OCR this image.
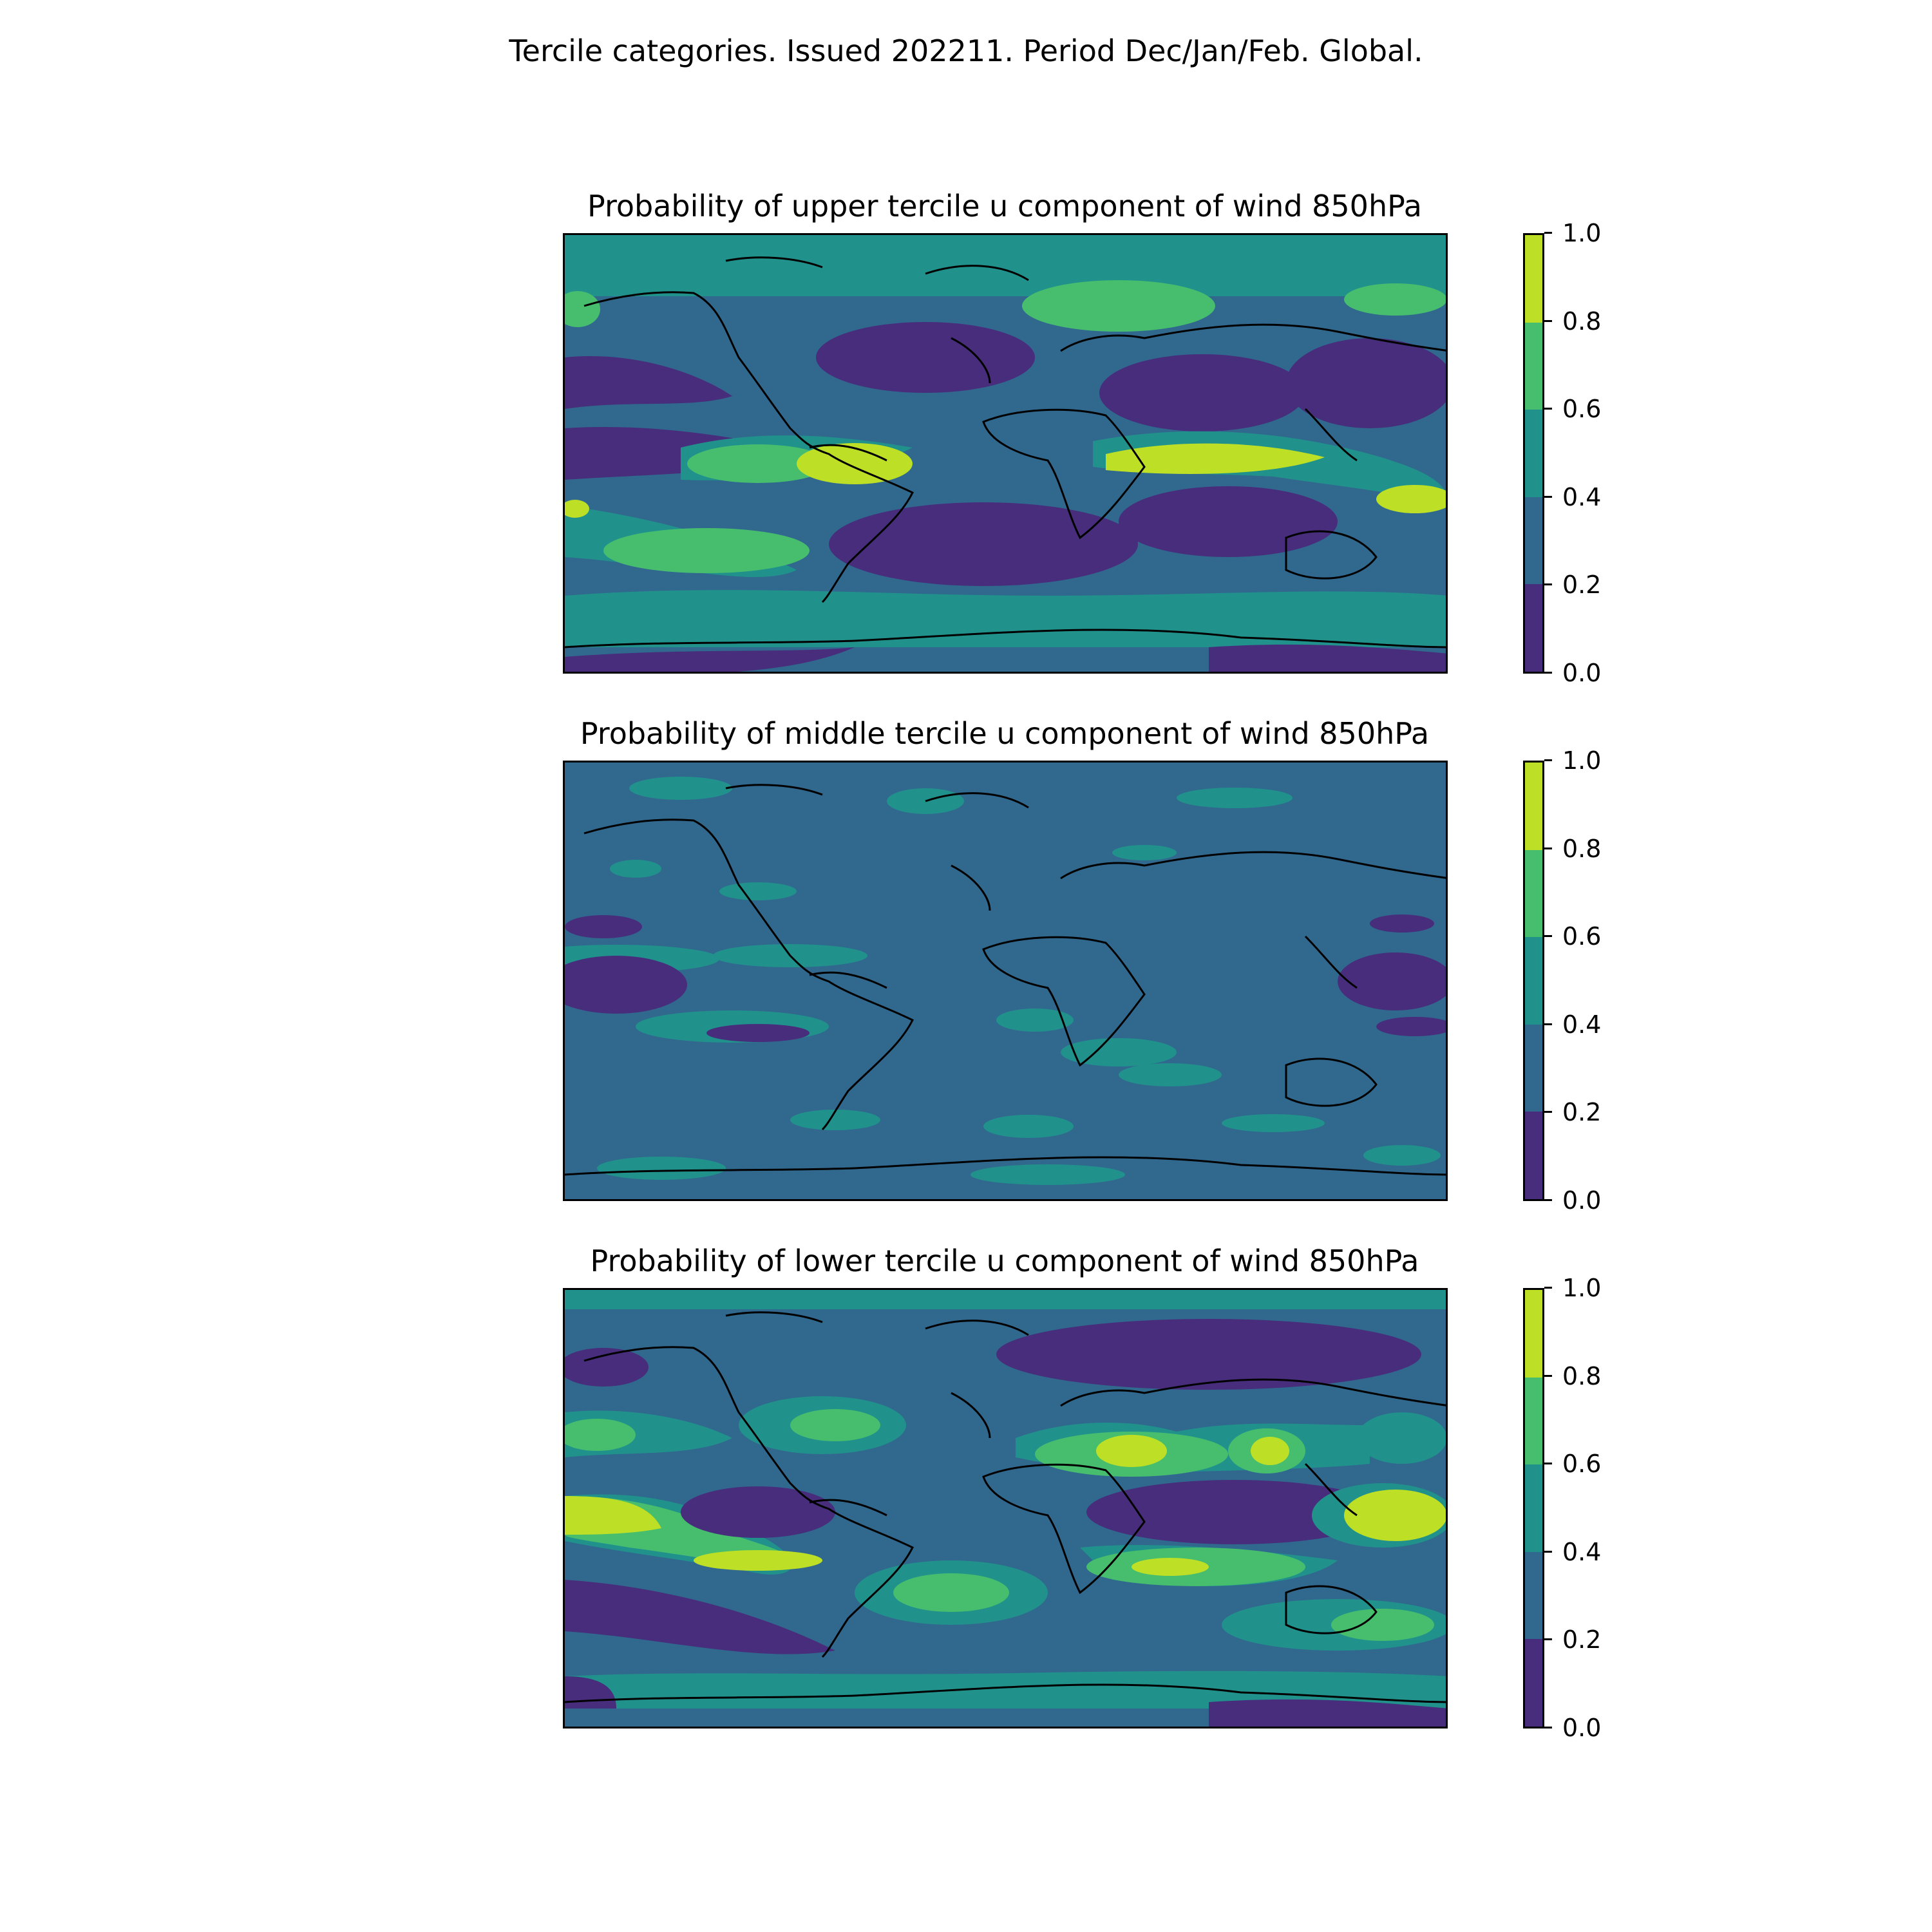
Tercile categories. Issued 202211. Period Dec/Jan/Feb. Global.
Probability of upper tercile u component of wind 850hPa
0.0
0.2
0.4
0.6
0.8
1.0
Probability of middle tercile u component of wind 850hPa
0.0
0.2
0.4
0.6
0.8
1.0
Probability of lower tercile u component of wind 850hPa
0.0
0.2
0.4
0.6
0.8
1.0
